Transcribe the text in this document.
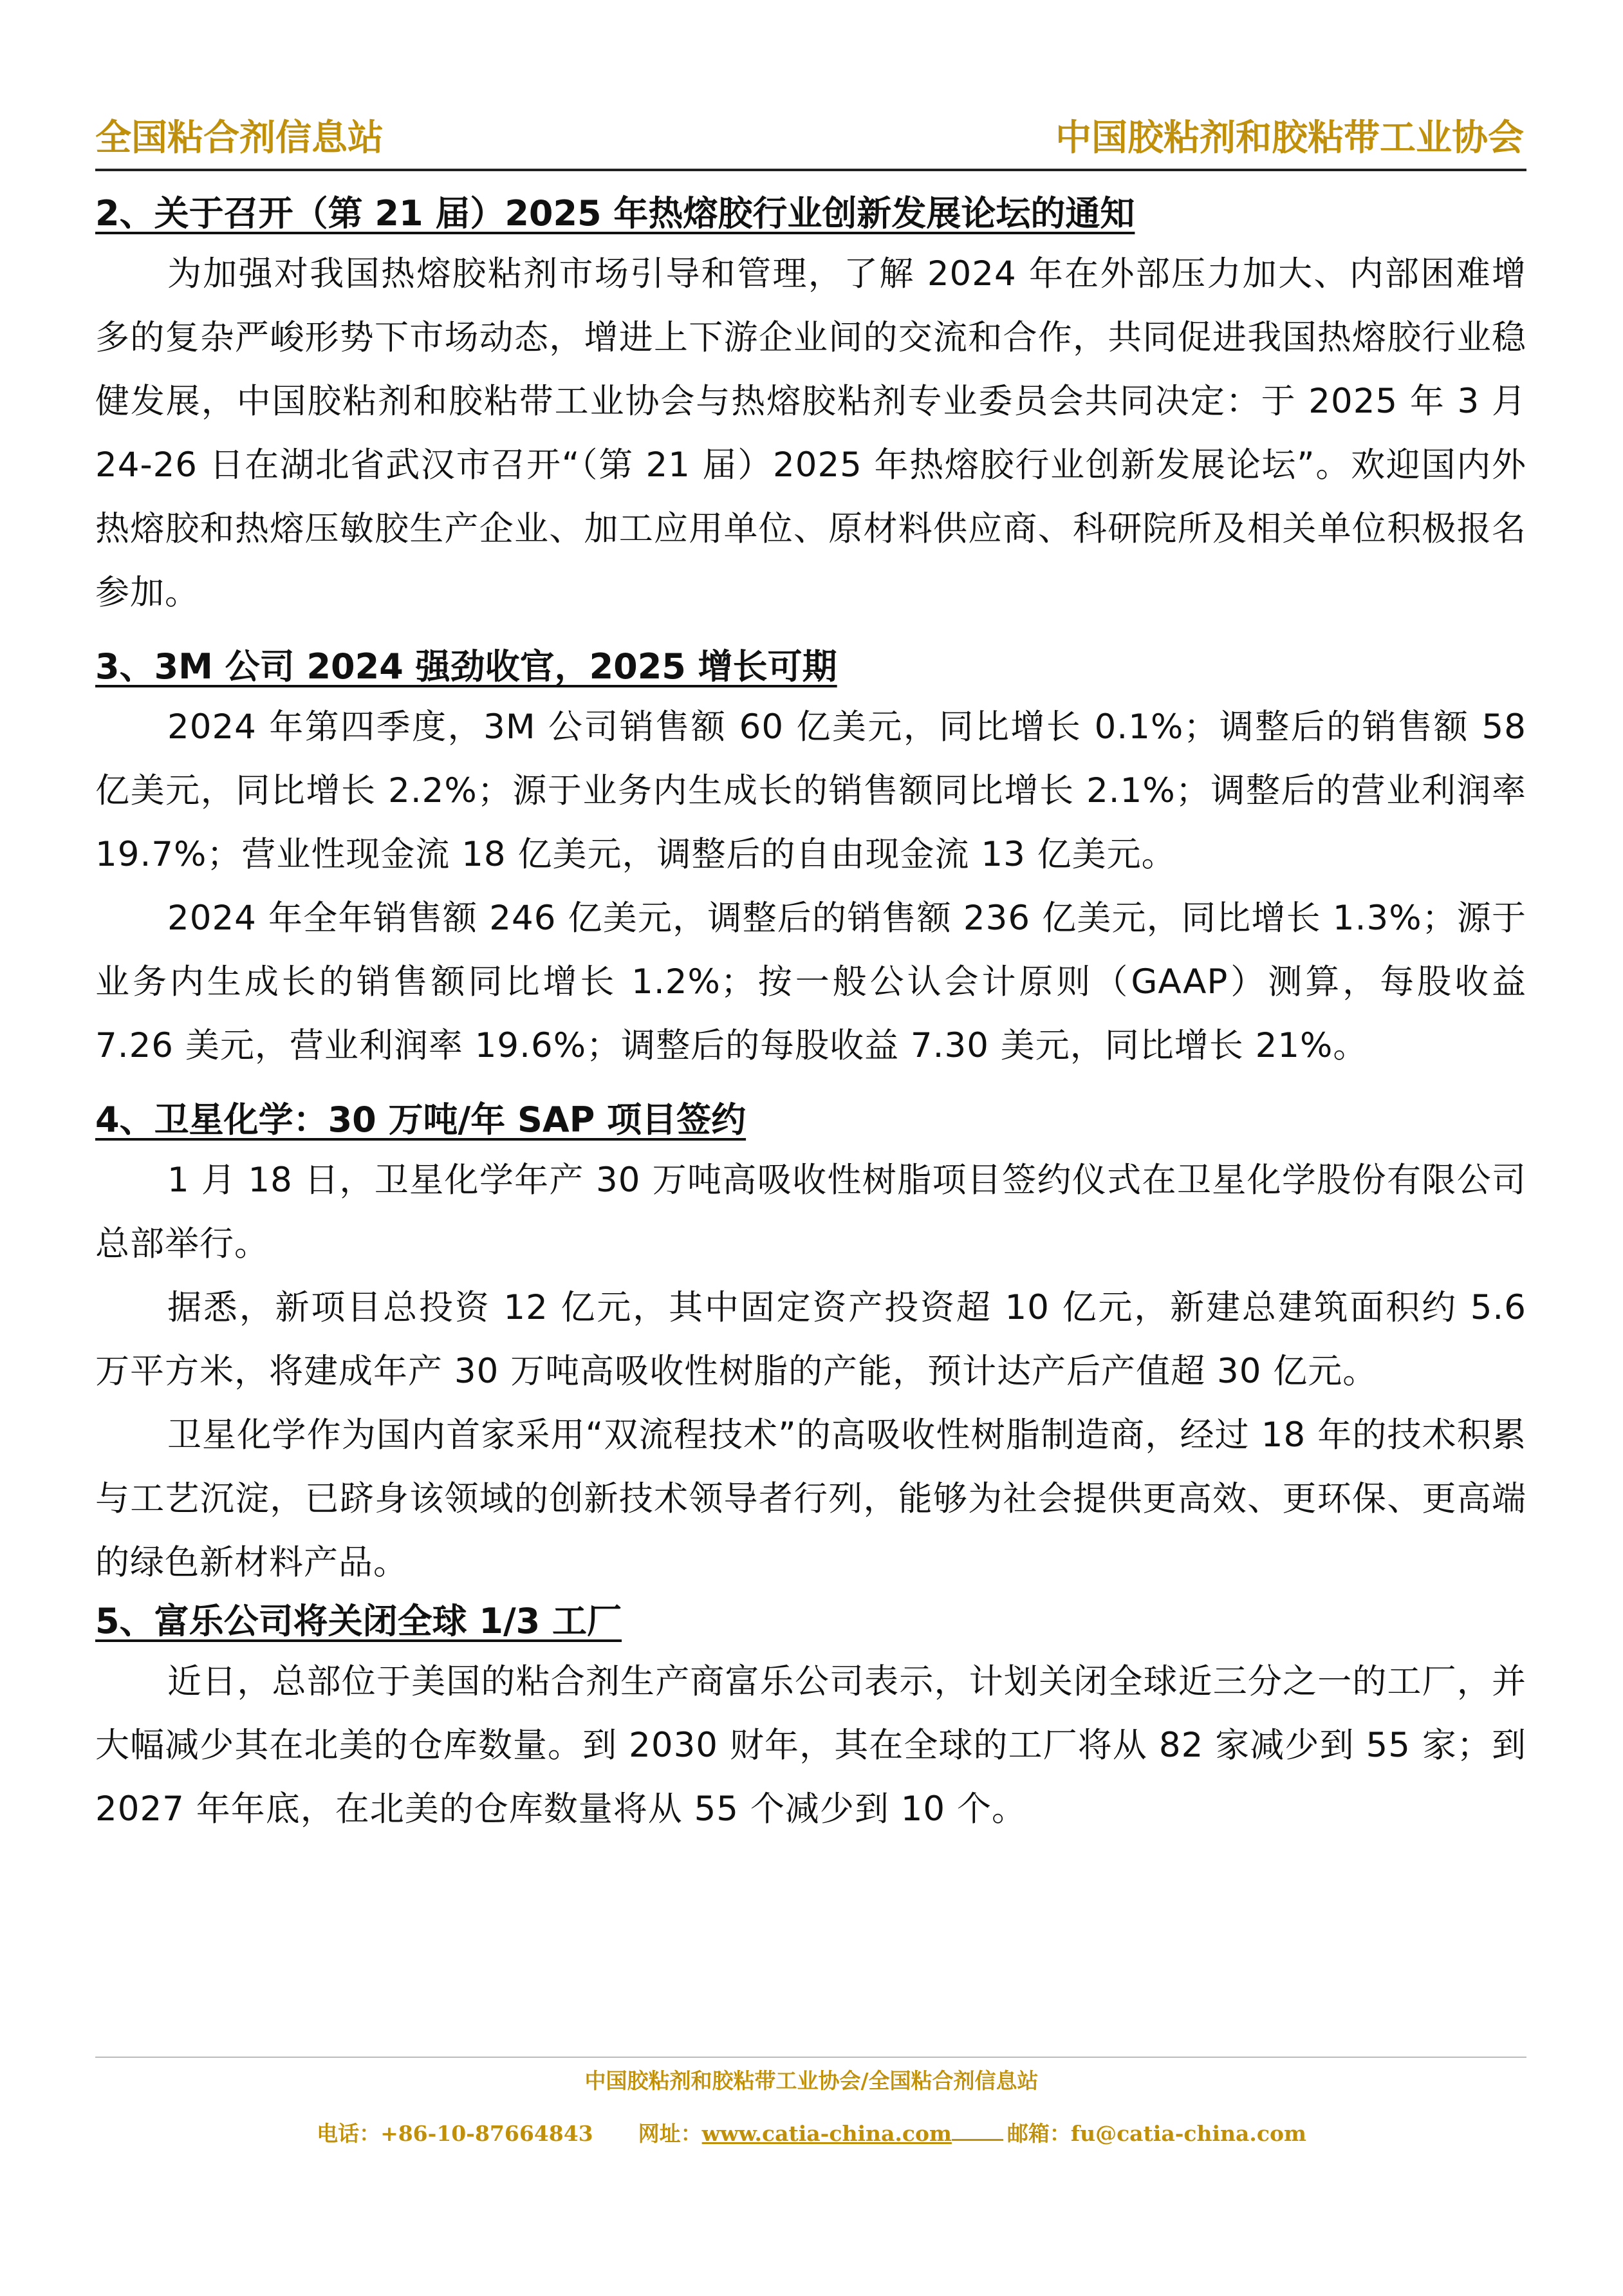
全国粘合剂信息站	中国胶粘剂和胶粘带工业协会
2、关于召开（第 21 届）2025 年热熔胶行业创新发展论坛的通知

为加强对我国热熔胶粘剂市场引导和管理，了解 2024 年在外部压力加大、内部困难增多的复杂严峻形势下市场动态，增进上下游企业间的交流和合作，共同促进我国热熔胶行业稳健发展，中国胶粘剂和胶粘带工业协会与热熔胶粘剂专业委员会共同决定：于 2025 年 3 月 24-26 日在湖北省武汉市召开“（第 21 届）2025 年热熔胶行业创新发展论坛”。欢迎国内外热熔胶和热熔压敏胶生产企业、加工应用单位、原材料供应商、科研院所及相关单位积极报名参加。

3、3M 公司 2024 强劲收官，2025 增长可期

2024 年第四季度，3M 公司销售额 60 亿美元，同比增长 0.1%；调整后的销售额 58 亿美元，同比增长 2.2%；源于业务内生成长的销售额同比增长 2.1%；调整后的营业利润率 19.7%；营业性现金流 18 亿美元，调整后的自由现金流 13 亿美元。

2024 年全年销售额 246 亿美元，调整后的销售额 236 亿美元，同比增长 1.3%；源于业务内生成长的销售额同比增长 1.2%；按一般公认会计原则（GAAP）测算，每股收益 7.26 美元，营业利润率 19.6%；调整后的每股收益 7.30 美元，同比增长 21%。

4、卫星化学：30 万吨/年 SAP 项目签约

1 月 18 日，卫星化学年产 30 万吨高吸收性树脂项目签约仪式在卫星化学股份有限公司总部举行。

据悉，新项目总投资 12 亿元，其中固定资产投资超 10 亿元，新建总建筑面积约 5.6 万平方米，将建成年产 30 万吨高吸收性树脂的产能，预计达产后产值超 30 亿元。

卫星化学作为国内首家采用“双流程技术”的高吸收性树脂制造商，经过 18 年的技术积累与工艺沉淀，已跻身该领域的创新技术领导者行列，能够为社会提供更高效、更环保、更高端的绿色新材料产品。

5、富乐公司将关闭全球 1/3 工厂

近日，总部位于美国的粘合剂生产商富乐公司表示，计划关闭全球近三分之一的工厂，并大幅减少其在北美的仓库数量。到 2030 财年，其在全球的工厂将从 82 家减少到 55 家；到 2027 年年底，在北美的仓库数量将从 55 个减少到 10 个。

中国胶粘剂和胶粘带工业协会/全国粘合剂信息站
电话：+86-10-87664843 网址：www.catia-china.com	邮箱：fu@catia-china.com
